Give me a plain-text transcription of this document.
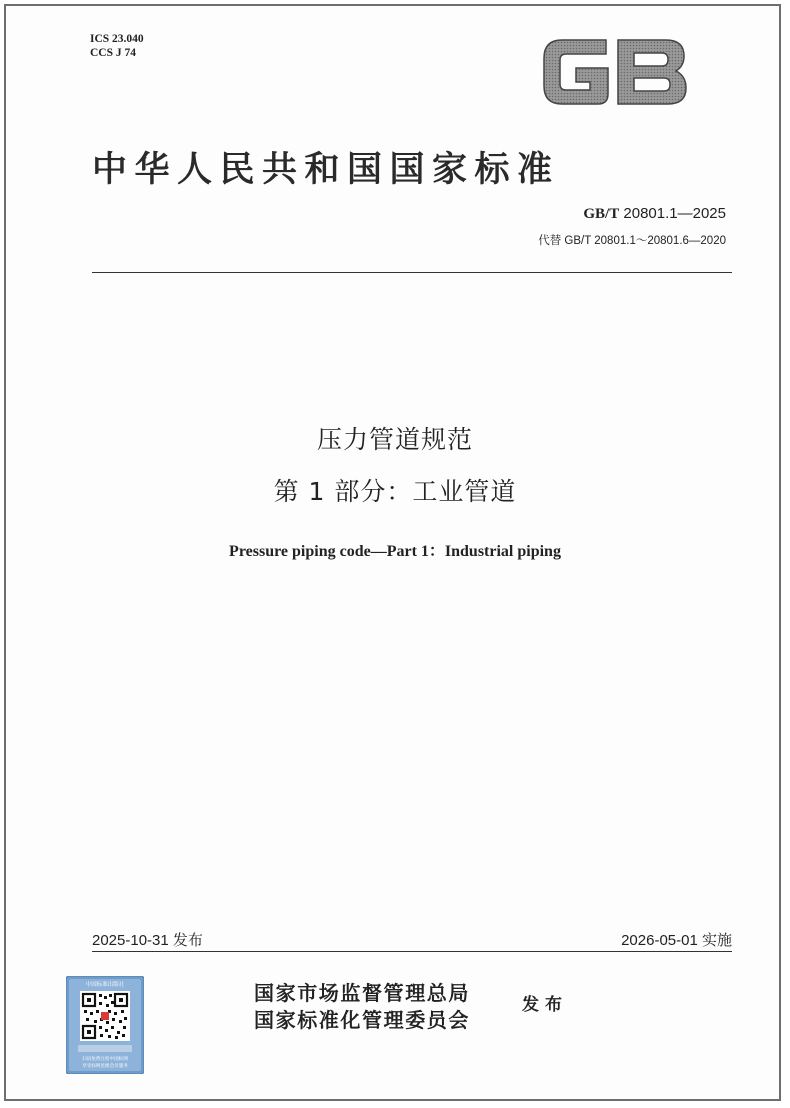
ICS 23.040
CCS J 74
GB
中华人民共和国国家标准
GB/T 20801.1—2025
代替 GB/T 20801.1～20801.6—2020
压力管道规范
第 1 部分：工业管道
Pressure piping code—Part 1：Industrial piping
2025-10-31 发布	2026-05-01 实施
国家市场监督管理总局
国家标准化管理委员会
发布
中国标准出版社
扫码免费注册中国标网
享受标网星级会员服务
